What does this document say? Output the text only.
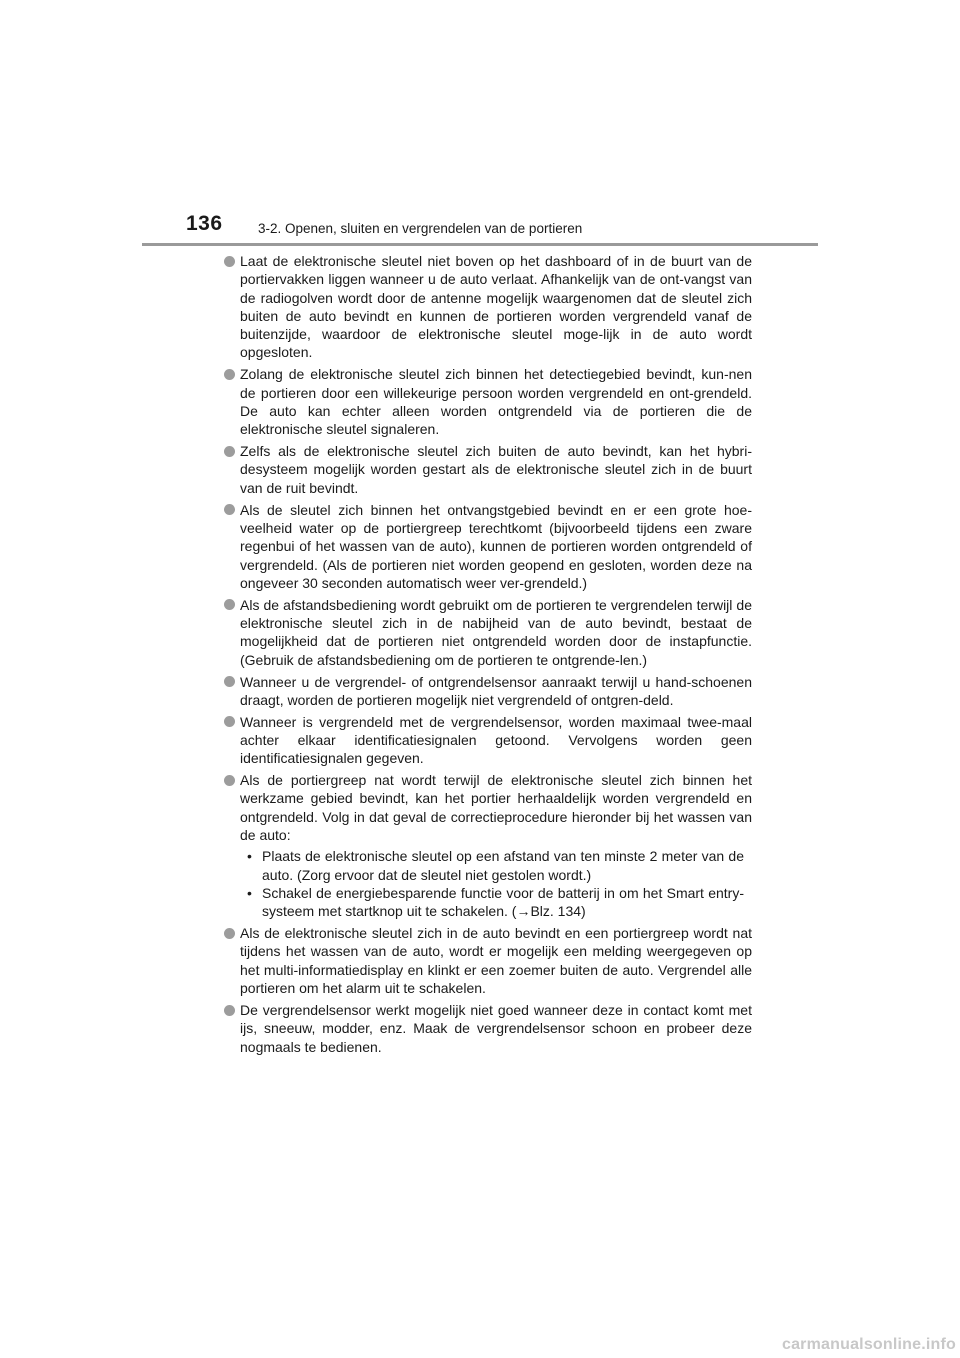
136	3-2. Openen, sluiten en vergrendelen van de portieren
Laat de elektronische sleutel niet boven op het dashboard of in de buurt van de portiervakken liggen wanneer u de auto verlaat. Afhankelijk van de ont-vangst van de radiogolven wordt door de antenne mogelijk waargenomen dat de sleutel zich buiten de auto bevindt en kunnen de portieren worden vergrendeld vanaf de buitenzijde, waardoor de elektronische sleutel moge-lijk in de auto wordt opgesloten.
Zolang de elektronische sleutel zich binnen het detectiegebied bevindt, kun-nen de portieren door een willekeurige persoon worden vergrendeld en ont-grendeld. De auto kan echter alleen worden ontgrendeld via de portieren die de elektronische sleutel signaleren.
Zelfs als de elektronische sleutel zich buiten de auto bevindt, kan het hybri-desysteem mogelijk worden gestart als de elektronische sleutel zich in de buurt van de ruit bevindt.
Als de sleutel zich binnen het ontvangstgebied bevindt en er een grote hoe-veelheid water op de portiergreep terechtkomt (bijvoorbeeld tijdens een zware regenbui of het wassen van de auto), kunnen de portieren worden ontgrendeld of vergrendeld. (Als de portieren niet worden geopend en gesloten, worden deze na ongeveer 30 seconden automatisch weer ver-grendeld.)
Als de afstandsbediening wordt gebruikt om de portieren te vergrendelen terwijl de elektronische sleutel zich in de nabijheid van de auto bevindt, bestaat de mogelijkheid dat de portieren niet ontgrendeld worden door de instapfunctie. (Gebruik de afstandsbediening om de portieren te ontgrende-len.)
Wanneer u de vergrendel- of ontgrendelsensor aanraakt terwijl u hand-schoenen draagt, worden de portieren mogelijk niet vergrendeld of ontgren-deld.
Wanneer is vergrendeld met de vergrendelsensor, worden maximaal twee-maal achter elkaar identificatiesignalen getoond. Vervolgens worden geen identificatiesignalen gegeven.
Als de portiergreep nat wordt terwijl de elektronische sleutel zich binnen het werkzame gebied bevindt, kan het portier herhaaldelijk worden vergrendeld en ontgrendeld. Volg in dat geval de correctieprocedure hieronder bij het wassen van de auto:
• Plaats de elektronische sleutel op een afstand van ten minste 2 meter van de auto. (Zorg ervoor dat de sleutel niet gestolen wordt.)
• Schakel de energiebesparende functie voor de batterij in om het Smart entry-systeem met startknop uit te schakelen. (→Blz. 134)
Als de elektronische sleutel zich in de auto bevindt en een portiergreep wordt nat tijdens het wassen van de auto, wordt er mogelijk een melding weergegeven op het multi-informatiedisplay en klinkt er een zoemer buiten de auto. Vergrendel alle portieren om het alarm uit te schakelen.
De vergrendelsensor werkt mogelijk niet goed wanneer deze in contact komt met ijs, sneeuw, modder, enz. Maak de vergrendelsensor schoon en probeer deze nogmaals te bedienen.
carmanualsonline.info
